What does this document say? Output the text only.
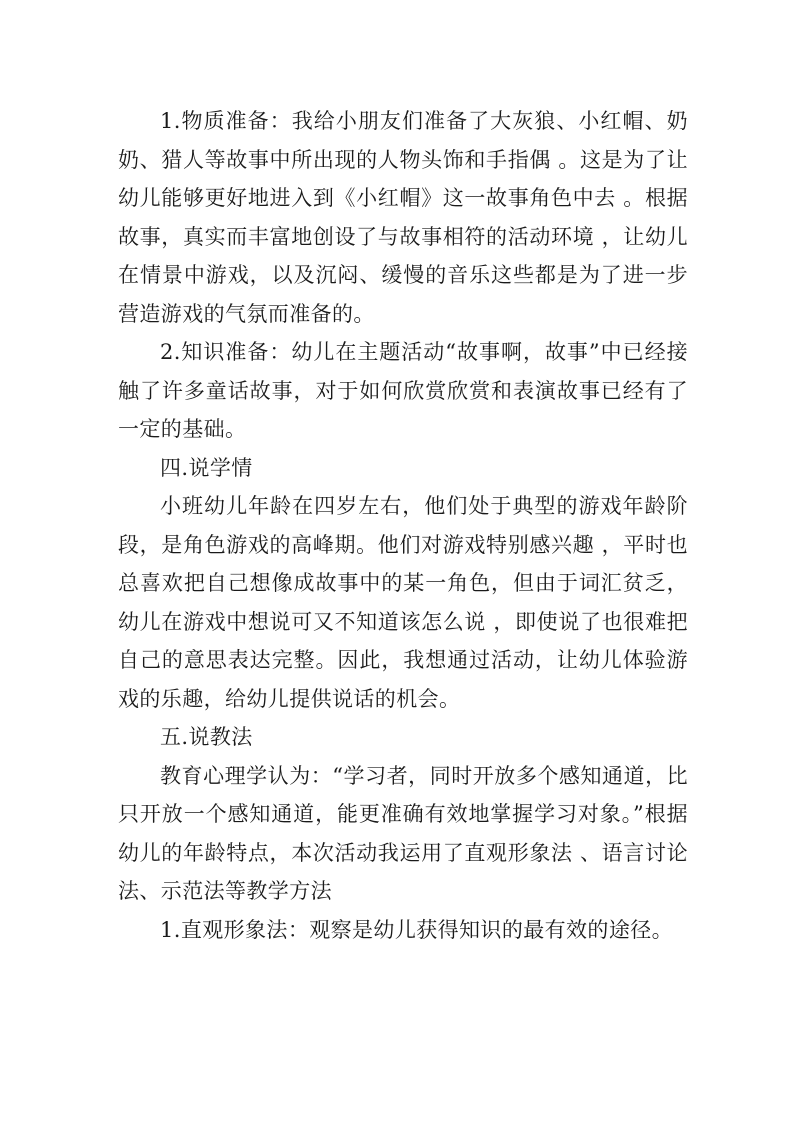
1.物质准备：我给小朋友们准备了大灰狼、小红帽、奶奶、猎人等故事中所出现的人物头饰和手指偶 。这是为了让幼儿能够更好地进入到《小红帽》这一故事角色中去 。根据故事，真实而丰富地创设了与故事相符的活动环境 ，让幼儿在情景中游戏，以及沉闷、缓慢的音乐这些都是为了进一步营造游戏的气氛而准备的。

2.知识准备：幼儿在主题活动“故事啊，故事”中已经接触了许多童话故事，对于如何欣赏欣赏和表演故事已经有了一定的基础。

四.说学情

小班幼儿年龄在四岁左右，他们处于典型的游戏年龄阶段，是角色游戏的高峰期。他们对游戏特别感兴趣 ，平时也总喜欢把自己想像成故事中的某一角色，但由于词汇贫乏，幼儿在游戏中想说可又不知道该怎么说 ，即使说了也很难把自己的意思表达完整。因此，我想通过活动，让幼儿体验游戏的乐趣，给幼儿提供说话的机会。

五.说教法

教育心理学认为：“学习者，同时开放多个感知通道，比只开放一个感知通道，能更准确有效地掌握学习对象。”根据幼儿的年龄特点，本次活动我运用了直观形象法 、语言讨论法、示范法等教学方法

1.直观形象法：观察是幼儿获得知识的最有效的途径。
